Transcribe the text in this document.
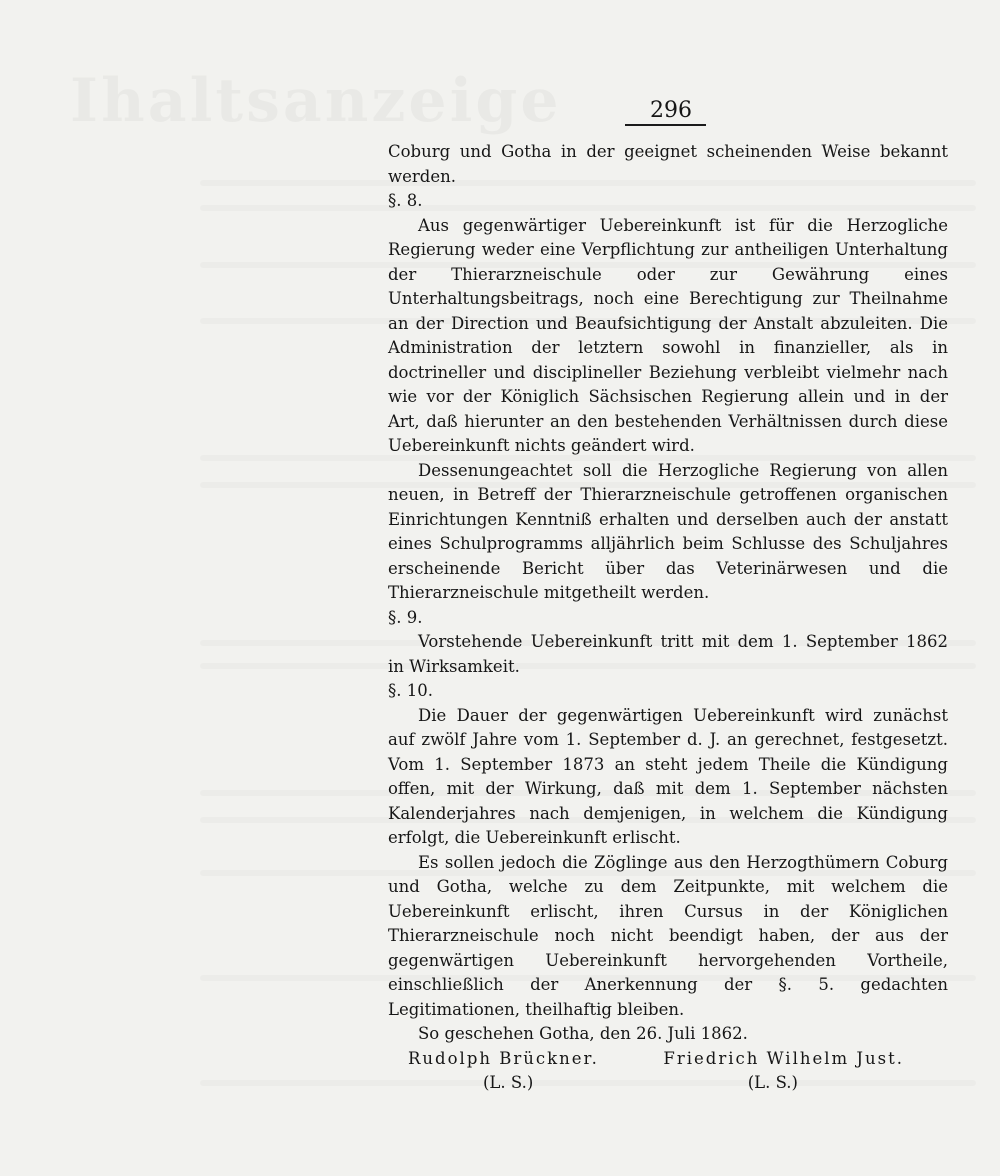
296

Coburg und Gotha in der geeignet scheinenden Weise bekannt werden.

§. 8.

Aus gegenwärtiger Uebereinkunft ist für die Herzogliche Regierung weder eine Verpflichtung zur antheiligen Unterhaltung der Thierarzneischule oder zur Gewährung eines Unterhaltungsbeitrags, noch eine Berechtigung zur Theilnahme an der Direction und Beaufsichtigung der Anstalt abzuleiten. Die Administration der letztern sowohl in finanzieller, als in doctrineller und disciplineller Beziehung verbleibt vielmehr nach wie vor der Königlich Sächsischen Regierung allein und in der Art, daß hierunter an den bestehenden Verhältnissen durch diese Uebereinkunft nichts geändert wird.

Dessenungeachtet soll die Herzogliche Regierung von allen neuen, in Betreff der Thierarzneischule getroffenen organischen Einrichtungen Kenntniß erhalten und derselben auch der anstatt eines Schulprogramms alljährlich beim Schlusse des Schuljahres erscheinende Bericht über das Veterinärwesen und die Thierarzneischule mitgetheilt werden.

§. 9.

Vorstehende Uebereinkunft tritt mit dem 1. September 1862 in Wirksamkeit.

§. 10.

Die Dauer der gegenwärtigen Uebereinkunft wird zunächst auf zwölf Jahre vom 1. September d. J. an gerechnet, festgesetzt. Vom 1. September 1873 an steht jedem Theile die Kündigung offen, mit der Wirkung, daß mit dem 1. September nächsten Kalenderjahres nach demjenigen, in welchem die Kündigung erfolgt, die Uebereinkunft erlischt.

Es sollen jedoch die Zöglinge aus den Herzogthümern Coburg und Gotha, welche zu dem Zeitpunkte, mit welchem die Uebereinkunft erlischt, ihren Cursus in der Königlichen Thierarzneischule noch nicht beendigt haben, der aus der gegenwärtigen Uebereinkunft hervorgehenden Vortheile, einschließlich der Anerkennung der §. 5. gedachten Legitimationen, theilhaftig bleiben.

So geschehen Gotha, den 26. Juli 1862.

Rudolph Brückner.	Friedrich Wilhelm Just.
(L. S.)	(L. S.)
